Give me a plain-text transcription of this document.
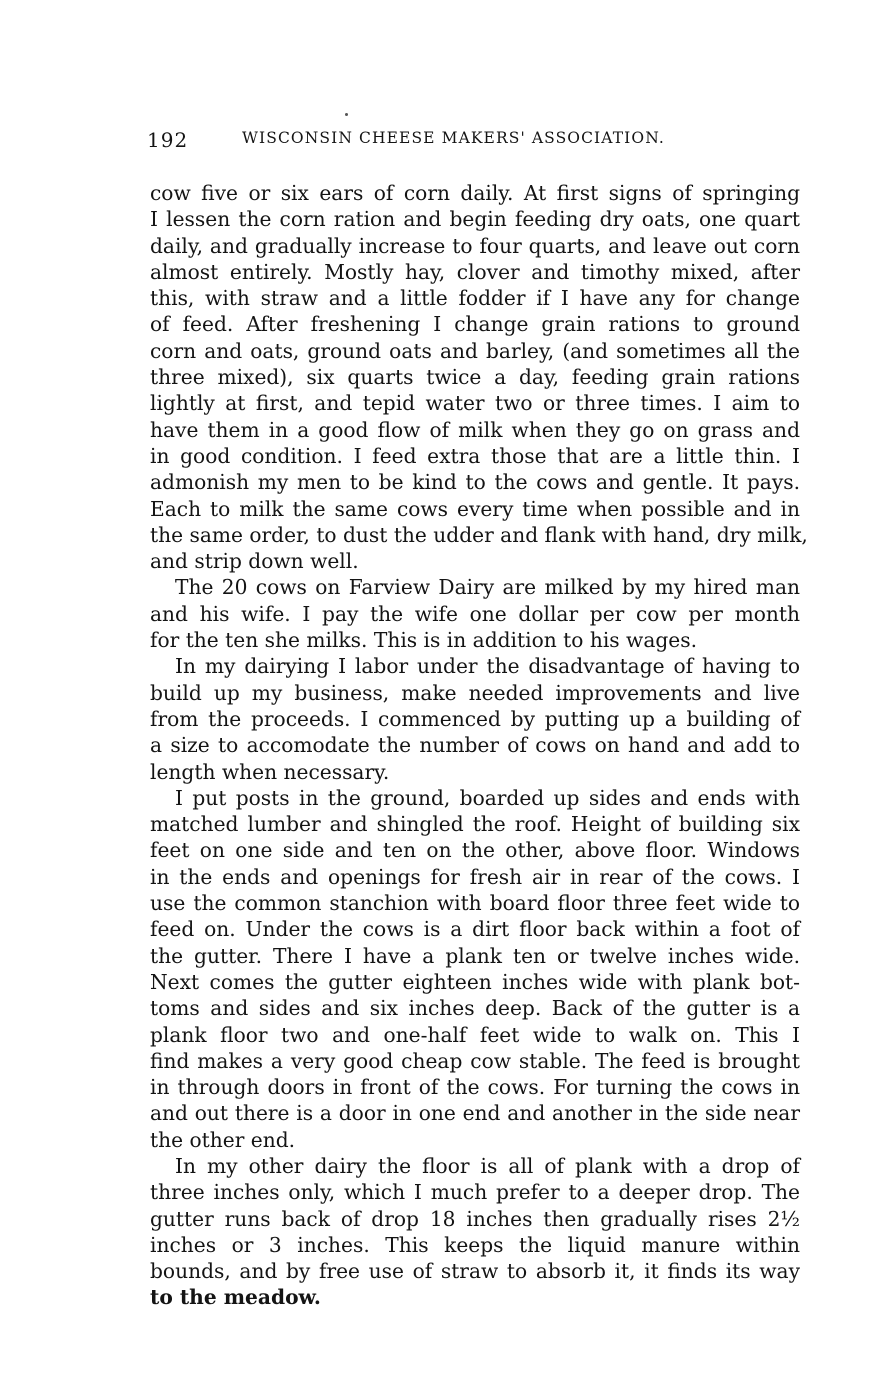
192	WISCONSIN CHEESE MAKERS' ASSOCIATION.
cow five or six ears of corn daily. At first signs of springing
I lessen the corn ration and begin feeding dry oats, one quart
daily, and gradually increase to four quarts, and leave out corn
almost entirely. Mostly hay, clover and timothy mixed, after
this, with straw and a little fodder if I have any for change
of feed. After freshening I change grain rations to ground
corn and oats, ground oats and barley, (and sometimes all the
three mixed), six quarts twice a day, feeding grain rations
lightly at first, and tepid water two or three times. I aim to
have them in a good flow of milk when they go on grass and
in good condition. I feed extra those that are a little thin. I
admonish my men to be kind to the cows and gentle. It pays.
Each to milk the same cows every time when possible and in
the same order, to dust the udder and flank with hand, dry milk,
and strip down well.
The 20 cows on Farview Dairy are milked by my hired man
and his wife. I pay the wife one dollar per cow per month
for the ten she milks. This is in addition to his wages.
In my dairying I labor under the disadvantage of having to
build up my business, make needed improvements and live
from the proceeds. I commenced by putting up a building of
a size to accomodate the number of cows on hand and add to
length when necessary.
I put posts in the ground, boarded up sides and ends with
matched lumber and shingled the roof. Height of building six
feet on one side and ten on the other, above floor. Windows
in the ends and openings for fresh air in rear of the cows. I
use the common stanchion with board floor three feet wide to
feed on. Under the cows is a dirt floor back within a foot of
the gutter. There I have a plank ten or twelve inches wide.
Next comes the gutter eighteen inches wide with plank bot-
toms and sides and six inches deep. Back of the gutter is a
plank floor two and one-half feet wide to walk on. This I
find makes a very good cheap cow stable. The feed is brought
in through doors in front of the cows. For turning the cows in
and out there is a door in one end and another in the side near
the other end.
In my other dairy the floor is all of plank with a drop of
three inches only, which I much prefer to a deeper drop. The
gutter runs back of drop 18 inches then gradually rises 2½
inches or 3 inches. This keeps the liquid manure within
bounds, and by free use of straw to absorb it, it finds its way
to the meadow.
